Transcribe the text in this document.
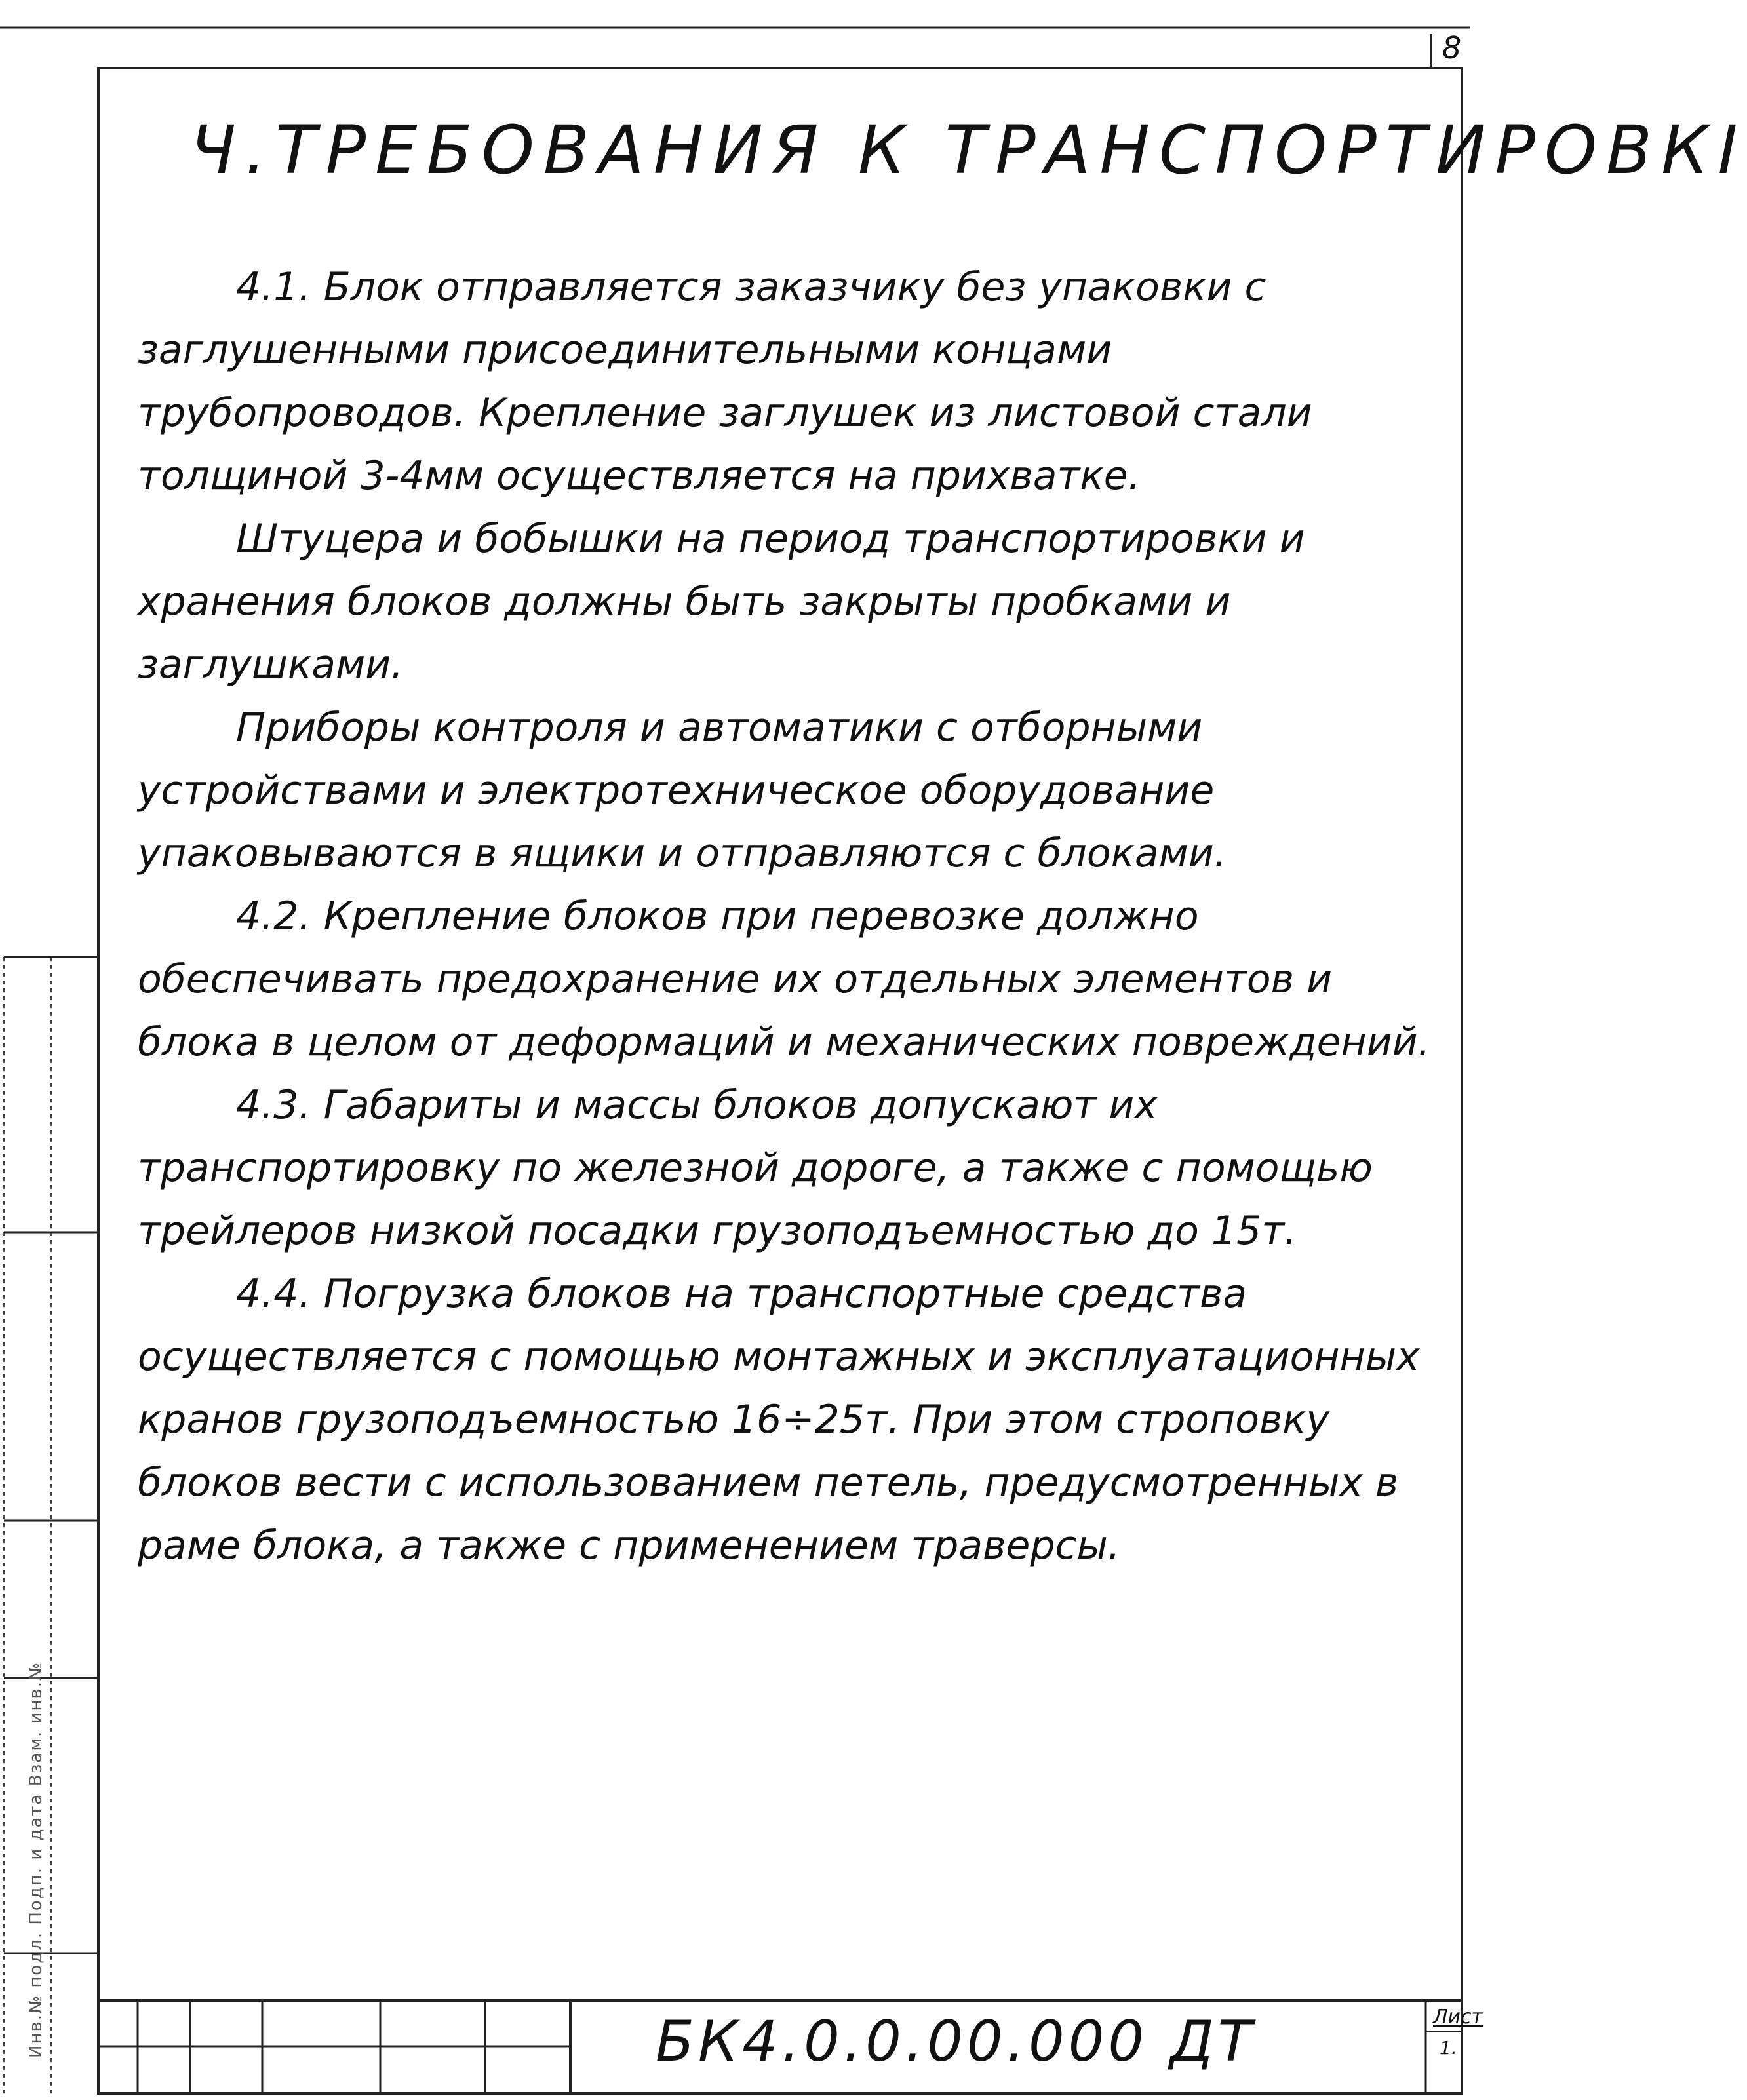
8
Ч.ТРЕБОВАНИЯ К ТРАНСПОРТИРОВКІ

4.1. Блок отправляется заказчику без упаковки с заглушенными присоединительными концами трубопроводов. Крепление заглушек из листовой стали толщиной 3-4мм осуществляется на прихватке.

Штуцера и бобышки на период транспортировки и хранения блоков должны быть закрыты пробками и заглушками.

Приборы контроля и автоматики с отборными устройствами и электротехническое оборудование упаковываются в ящики и отправляются с блоками.

4.2. Крепление блоков при перевозке должно обеспечивать предохранение их отдельных элементов и блока в целом от деформаций и механических повреждений.

4.3. Габариты и массы блоков допускают их транспортировку по железной дороге, а также с помощью трейлеров низкой посадки грузоподъемностью до 15т.

4.4. Погрузка блоков на транспортные средства осуществляется с помощью монтажных и эксплуатационных кранов грузоподъемностью 16÷25т. При этом строповку блоков вести с использованием петель, предусмотренных в раме блока, а также с применением траверсы.

БК4.0.0.00.000 ДТ	Лист
1.
Инв.№ подл. Подп. и дата Взам. инв.№
